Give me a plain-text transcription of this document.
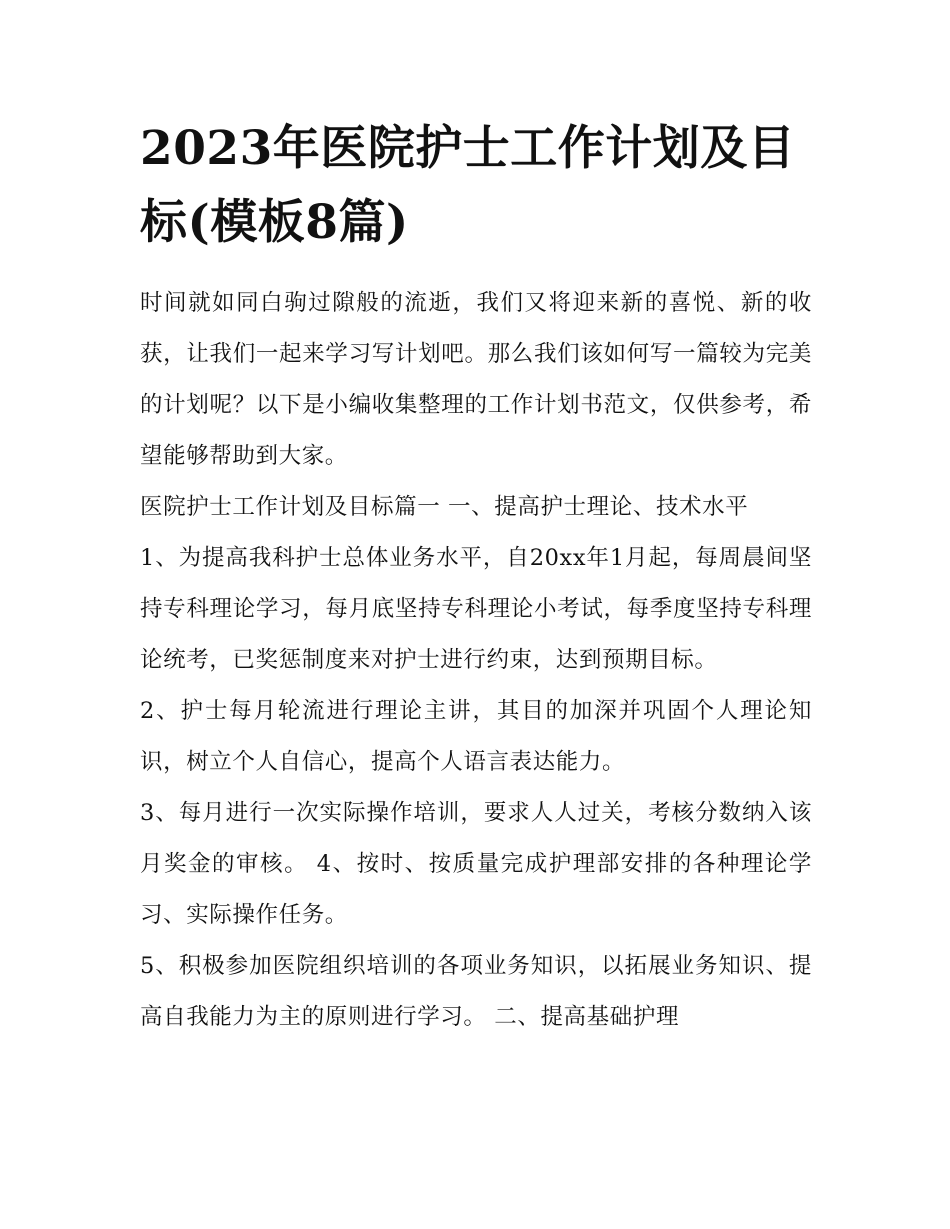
2023年医院护士工作计划及目标(模板8篇)

时间就如同白驹过隙般的流逝，我们又将迎来新的喜悦、新的收获，让我们一起来学习写计划吧。那么我们该如何写一篇较为完美的计划呢？以下是小编收集整理的工作计划书范文，仅供参考，希望能够帮助到大家。

医院护士工作计划及目标篇一 一、提高护士理论、技术水平

1、为提高我科护士总体业务水平，自20xx年1月起，每周晨间坚持专科理论学习，每月底坚持专科理论小考试，每季度坚持专科理论统考，已奖惩制度来对护士进行约束，达到预期目标。

2、护士每月轮流进行理论主讲，其目的加深并巩固个人理论知识，树立个人自信心，提高个人语言表达能力。

3、每月进行一次实际操作培训，要求人人过关，考核分数纳入该月奖金的审核。 4、按时、按质量完成护理部安排的各种理论学习、实际操作任务。

5、积极参加医院组织培训的各项业务知识，以拓展业务知识、提高自我能力为主的原则进行学习。 二、提高基础护理
